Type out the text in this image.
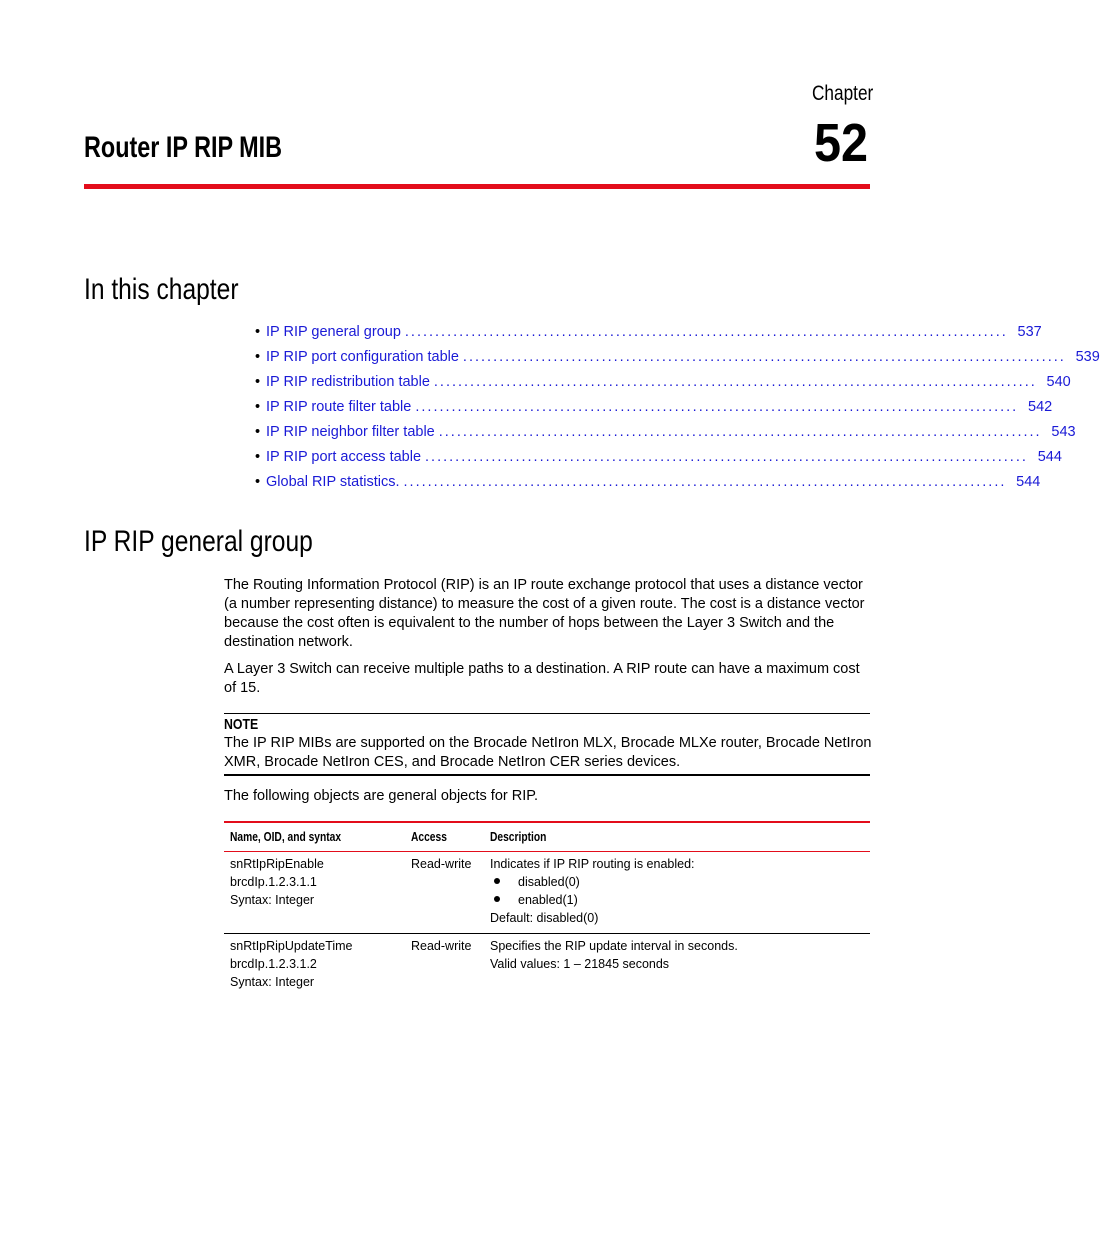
Chapter
52
Router IP RIP MIB
In this chapter
• IP RIP general group .................................................................................................... 537
• IP RIP port configuration table .................................................................................................... 539
• IP RIP redistribution table .................................................................................................... 540
• IP RIP route filter table .................................................................................................... 542
• IP RIP neighbor filter table .................................................................................................... 543
• IP RIP port access table .................................................................................................... 544
• Global RIP statistics. .................................................................................................... 544
IP RIP general group

The Routing Information Protocol (RIP) is an IP route exchange protocol that uses a distance vector (a number representing distance) to measure the cost of a given route. The cost is a distance vector because the cost often is equivalent to the number of hops between the Layer 3 Switch and the destination network.

A Layer 3 Switch can receive multiple paths to a destination. A RIP route can have a maximum cost of 15.

NOTE

The IP RIP MIBs are supported on the Brocade NetIron MLX, Brocade MLXe router, Brocade NetIron XMR, Brocade NetIron CES, and Brocade NetIron CER series devices.

The following objects are general objects for RIP.

Name, OID, and syntax	Access	Description

snRtIpRipEnable
brcdIp.1.2.3.1.1
Syntax: Integer	Read-write	Indicates if IP RIP routing is enabled:
disabled(0)
enabled(1)
Default: disabled(0)

snRtIpRipUpdateTime
brcdIp.1.2.3.1.2
Syntax: Integer	Read-write	Specifies the RIP update interval in seconds.
Valid values: 1 – 21845 seconds
